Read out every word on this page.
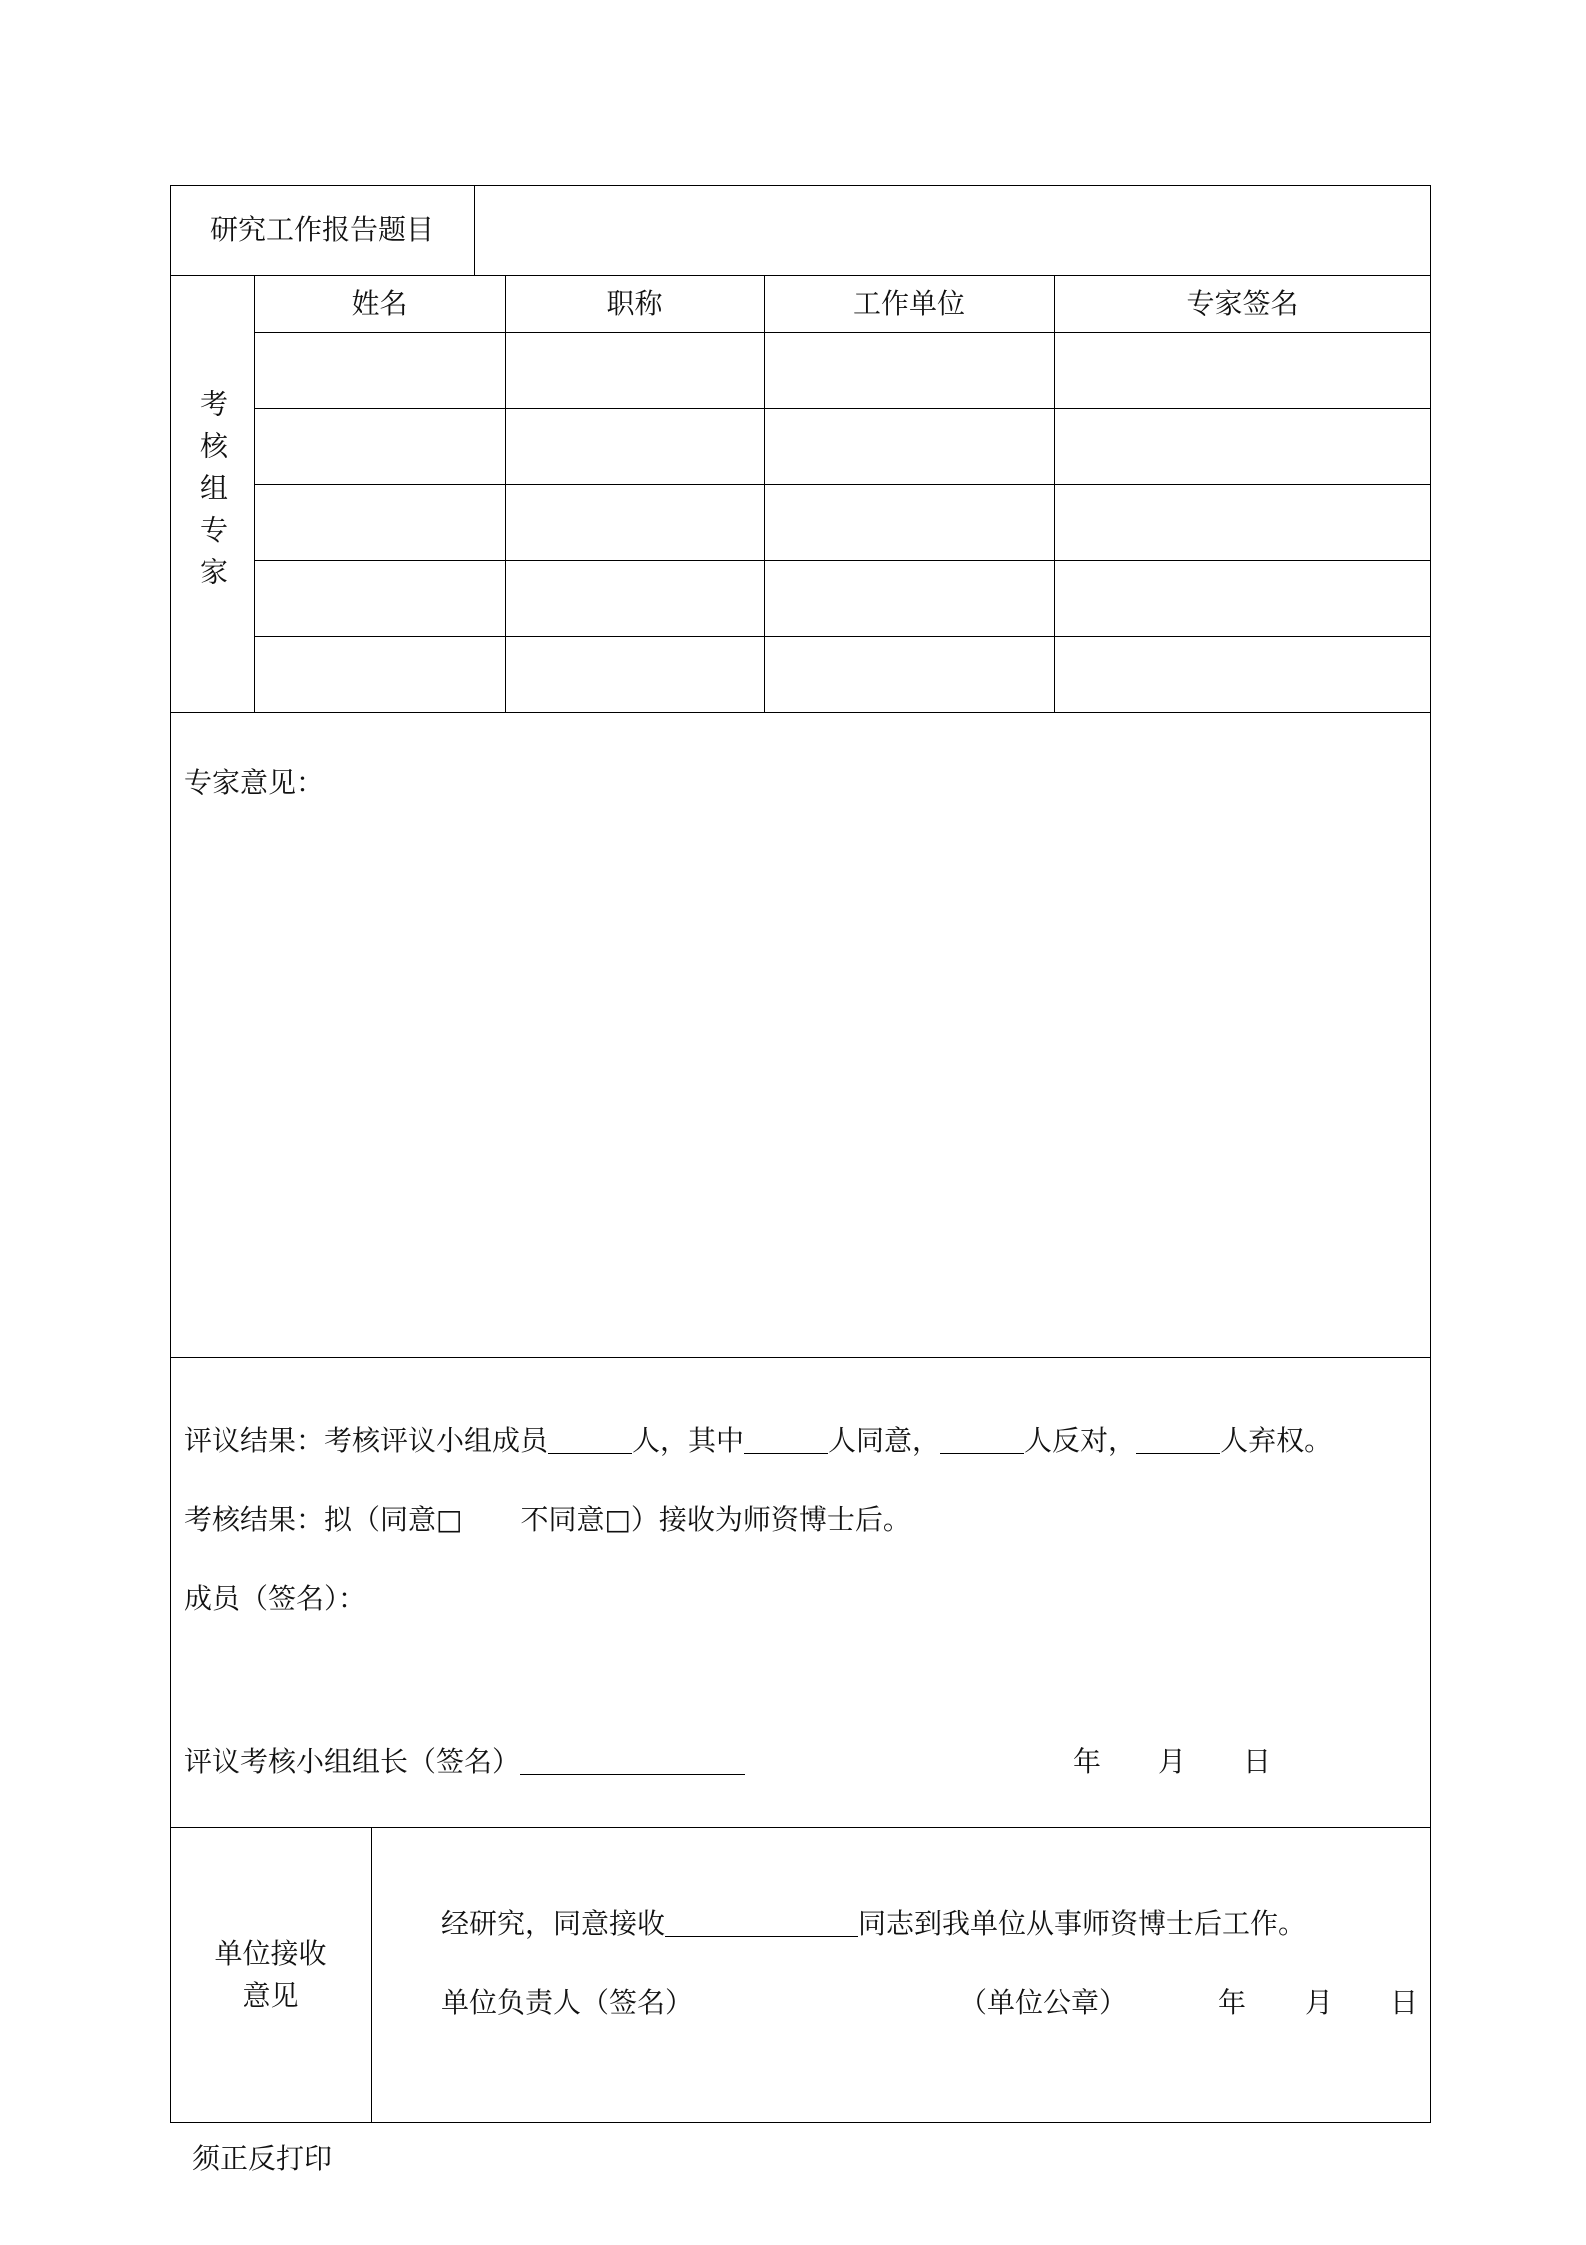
研究工作报告题目
考核组专家
姓名	职称	工作单位	专家签名
专家意见：
评议结果：考核评议小组成员	人，其中	人同意，	人反对，	人弃权。
考核结果：拟（同意□ 不同意□）接收为师资博士后。
成员（签名）：
评议考核小组组长（签名）	年 月 日
单位接收
意见
经研究，同意接收	同志到我单位从事师资博士后工作。
单位负责人（签名）	（单位公章）	年 月 日
须正反打印
